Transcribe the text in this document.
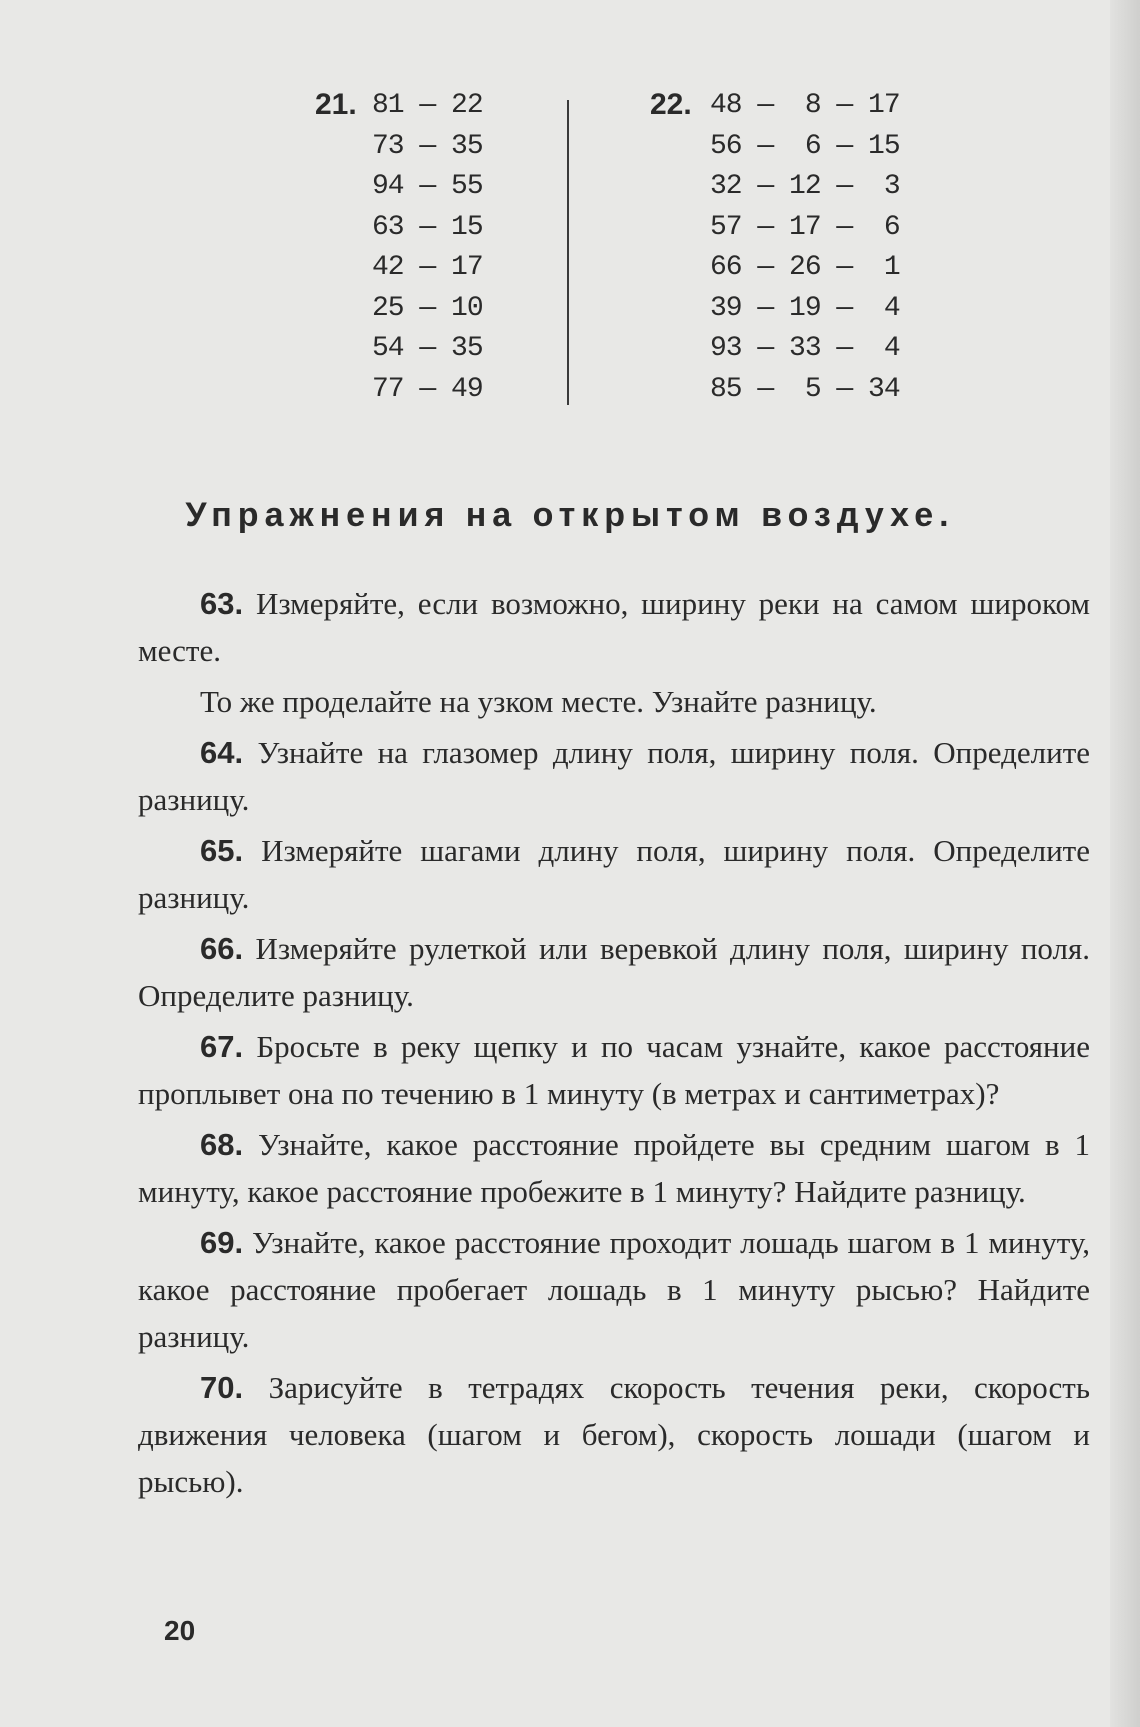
21. 81 — 22
73 — 35
94 — 55
63 — 15
42 — 17
25 — 10
54 — 35
77 — 49
22. 48 —  8 — 17
56 —  6 — 15
32 — 12 —  3
57 — 17 —  6
66 — 26 —  1
39 — 19 —  4
93 — 33 —  4
85 —  5 — 34
Упражнения на открытом воздухе.

63. Измеряйте, если возможно, ширину реки на самом широком месте.

То же проделайте на узком месте. Узнайте разницу.

64. Узнайте на глазомер длину поля, ширину поля. Определите разницу.

65. Измеряйте шагами длину поля, ширину поля. Определите разницу.

66. Измеряйте рулеткой или веревкой длину поля, ширину поля. Определите разницу.

67. Бросьте в реку щепку и по часам узнайте, какое расстояние проплывет она по течению в 1 минуту (в метрах и сантиметрах)?

68. Узнайте, какое расстояние пройдете вы средним шагом в 1 минуту, какое расстояние пробежите в 1 минуту? Найдите разницу.

69. Узнайте, какое расстояние проходит лошадь шагом в 1 минуту, какое расстояние пробегает лошадь в 1 минуту рысью? Найдите разницу.

70. Зарисуйте в тетрадях скорость течения реки, скорость движения человека (шагом и бегом), скорость лошади (шагом и рысью).

20
